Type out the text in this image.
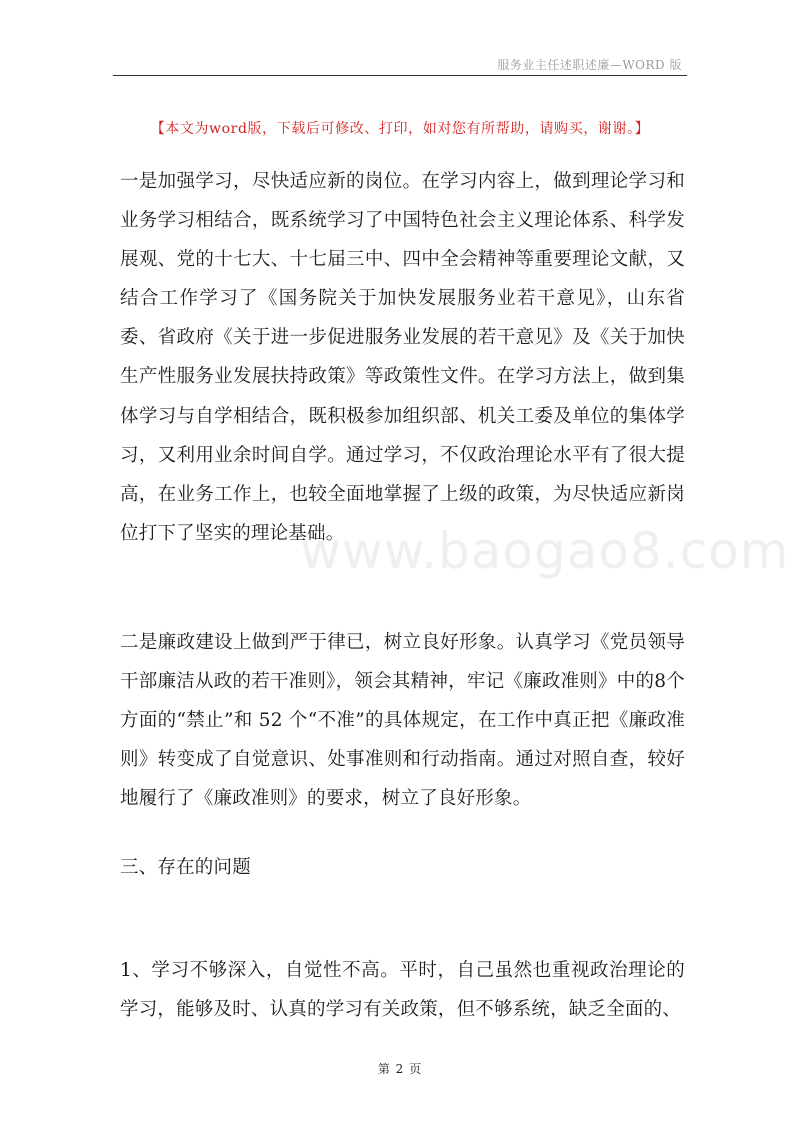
服务业主任述职述廉—WORD 版
【本文为word版，下载后可修改、打印，如对您有所帮助，请购买，谢谢。】

一是加强学习，尽快适应新的岗位。在学习内容上，做到理论学习和业务学习相结合，既系统学习了中国特色社会主义理论体系、科学发展观、党的十七大、十七届三中、四中全会精神等重要理论文献，又结合工作学习了《国务院关于加快发展服务业若干意见》，山东省委、省政府《关于进一步促进服务业发展的若干意见》及《关于加快生产性服务业发展扶持政策》等政策性文件。在学习方法上，做到集体学习与自学相结合，既积极参加组织部、机关工委及单位的集体学习，又利用业余时间自学。通过学习，不仅政治理论水平有了很大提高，在业务工作上，也较全面地掌握了上级的政策，为尽快适应新岗位打下了坚实的理论基础。

二是廉政建设上做到严于律已，树立良好形象。认真学习《党员领导干部廉洁从政的若干准则》，领会其精神，牢记《廉政准则》中的8个方面的“禁止”和 52 个“不准”的具体规定，在工作中真正把《廉政准则》转变成了自觉意识、处事准则和行动指南。通过对照自查，较好地履行了《廉政准则》的要求，树立了良好形象。

三、存在的问题

1、学习不够深入，自觉性不高。平时，自己虽然也重视政治理论的学习，能够及时、认真的学习有关政策，但不够系统，缺乏全面的、

www.baogao8.com
第 2 页
